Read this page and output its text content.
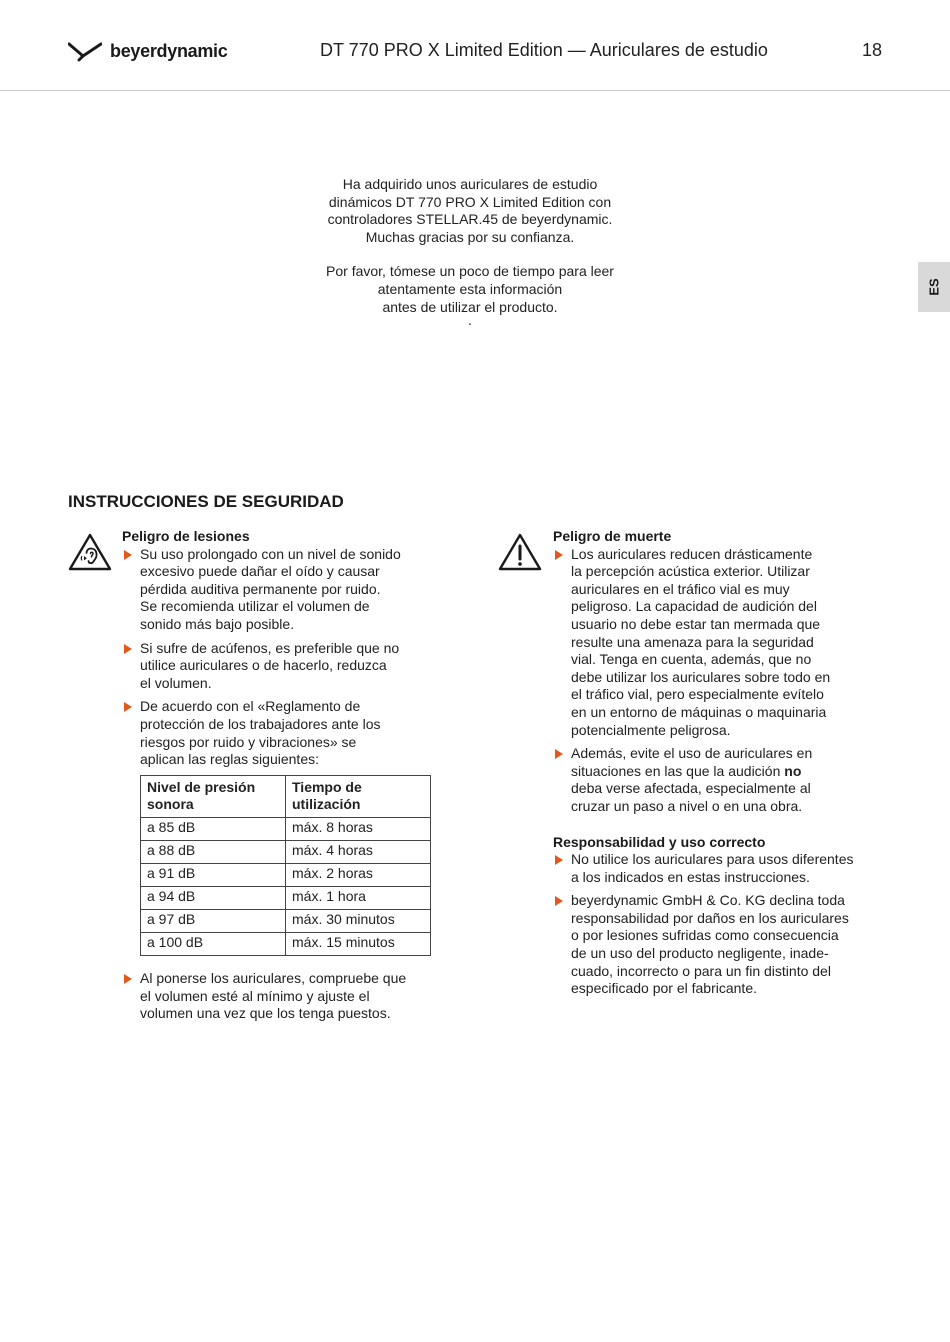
beyerdynamic	DT 770 PRO X Limited Edition — Auriculares de estudio	18
ES

Ha adquirido unos auriculares de estudio
dinámicos DT 770 PRO X Limited Edition con
controladores STELLAR.45 de beyerdynamic.
Muchas gracias por su confianza.

Por favor, tómese un poco de tiempo para leer
atentamente esta información
antes de utilizar el producto.

.

INSTRUCCIONES DE SEGURIDAD
Peligro de lesiones
Su uso prolongado con un nivel de sonido
excesivo puede dañar el oído y causar
pérdida auditiva permanente por ruido.
Se recomienda utilizar el volumen de
sonido más bajo posible.
Si sufre de acúfenos, es preferible que no
utilice auriculares o de hacerlo, reduzca
el volumen.
De acuerdo con el «Reglamento de
protección de los trabajadores ante los
riesgos por ruido y vibraciones» se
aplican las reglas siguientes:
Nivel de presión
sonora	Tiempo de
utilización
a 85 dB	máx. 8 horas
a 88 dB	máx. 4 horas
a 91 dB	máx. 2 horas
a 94 dB	máx. 1 hora
a 97 dB	máx. 30 minutos
a 100 dB	máx. 15 minutos
Al ponerse los auriculares, compruebe que
el volumen esté al mínimo y ajuste el
volumen una vez que los tenga puestos.
Peligro de muerte
Los auriculares reducen drásticamente
la percepción acústica exterior. Utilizar
auriculares en el tráfico vial es muy
peligroso. La capacidad de audición del
usuario no debe estar tan mermada que
resulte una amenaza para la seguridad
vial. Tenga en cuenta, además, que no
debe utilizar los auriculares sobre todo en
el tráfico vial, pero especialmente evítelo
en un entorno de máquinas o maquinaria
potencialmente peligrosa.
Además, evite el uso de auriculares en
situaciones en las que la audición no
deba verse afectada, especialmente al
cruzar un paso a nivel o en una obra.
Responsabilidad y uso correcto
No utilice los auriculares para usos diferentes
a los indicados en estas instrucciones.
beyerdynamic GmbH & Co. KG declina toda
responsabilidad por daños en los auriculares
o por lesiones sufridas como consecuencia
de un uso del producto negligente, inade-
cuado, incorrecto o para un fin distinto del
especificado por el fabricante.
